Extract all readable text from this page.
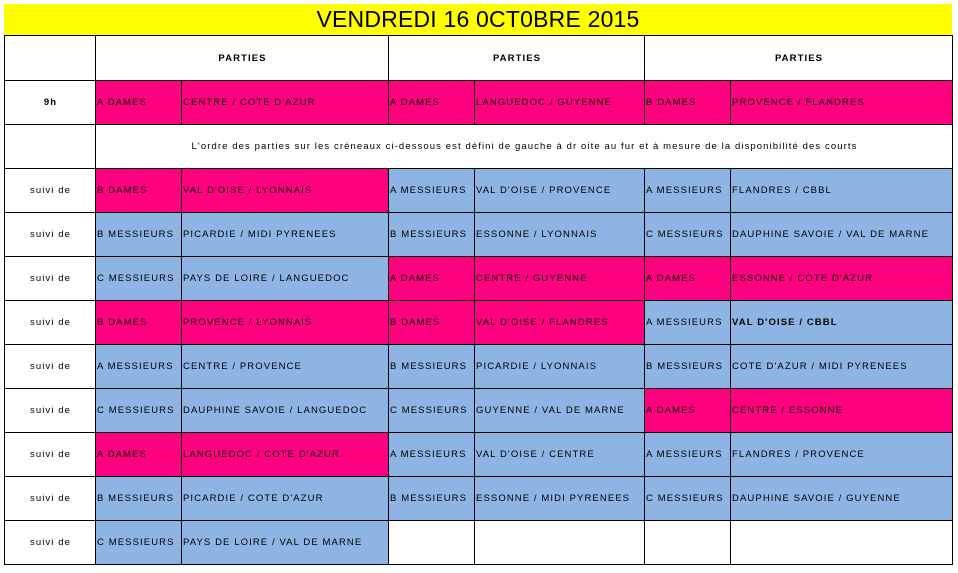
VENDREDI 16 0CT0BRE 2015
	PARTIES		PARTIES		PARTIES	
9h	A DAMES	CENTRE / COTE D'AZUR	A DAMES	LANGUEDOC / GUYENNE	B DAMES	PROVENCE / FLANDRES
	L'ordre des parties sur les créneaux ci-dessous est défini de gauche à dr oite au fur et à mesure de la disponibilité des courts					
suivi de	B DAMES	VAL D'OISE / LYONNAIS	A MESSIEURS	VAL D'OISE / PROVENCE	A MESSIEURS	FLANDRES / CBBL
suivi de	B MESSIEURS	PICARDIE / MIDI PYRENEES	B MESSIEURS	ESSONNE / LYONNAIS	C MESSIEURS	DAUPHINE SAVOIE / VAL DE MARNE
suivi de	C MESSIEURS	PAYS DE LOIRE / LANGUEDOC	A DAMES	CENTRE / GUYENNE	A DAMES	ESSONNE / COTE D'AZUR
suivi de	B DAMES	PROVENCE / LYONNAIS	B DAMES	VAL D'OISE / FLANDRES	A MESSIEURS	VAL D'OISE / CBBL
suivi de	A MESSIEURS	CENTRE / PROVENCE	B MESSIEURS	PICARDIE / LYONNAIS	B MESSIEURS	COTE D'AZUR / MIDI PYRENEES
suivi de	C MESSIEURS	DAUPHINE SAVOIE / LANGUEDOC	C MESSIEURS	GUYENNE / VAL DE MARNE	A DAMES	CENTRE / ESSONNE
suivi de	A DAMES	LANGUEDOC / COTE D'AZUR	A MESSIEURS	VAL D'OISE / CENTRE	A MESSIEURS	FLANDRES / PROVENCE
suivi de	B MESSIEURS	PICARDIE / COTE D'AZUR	B MESSIEURS	ESSONNE / MIDI PYRENEES	C MESSIEURS	DAUPHINE SAVOIE / GUYENNE
suivi de	C MESSIEURS	PAYS DE LOIRE / VAL DE MARNE				
